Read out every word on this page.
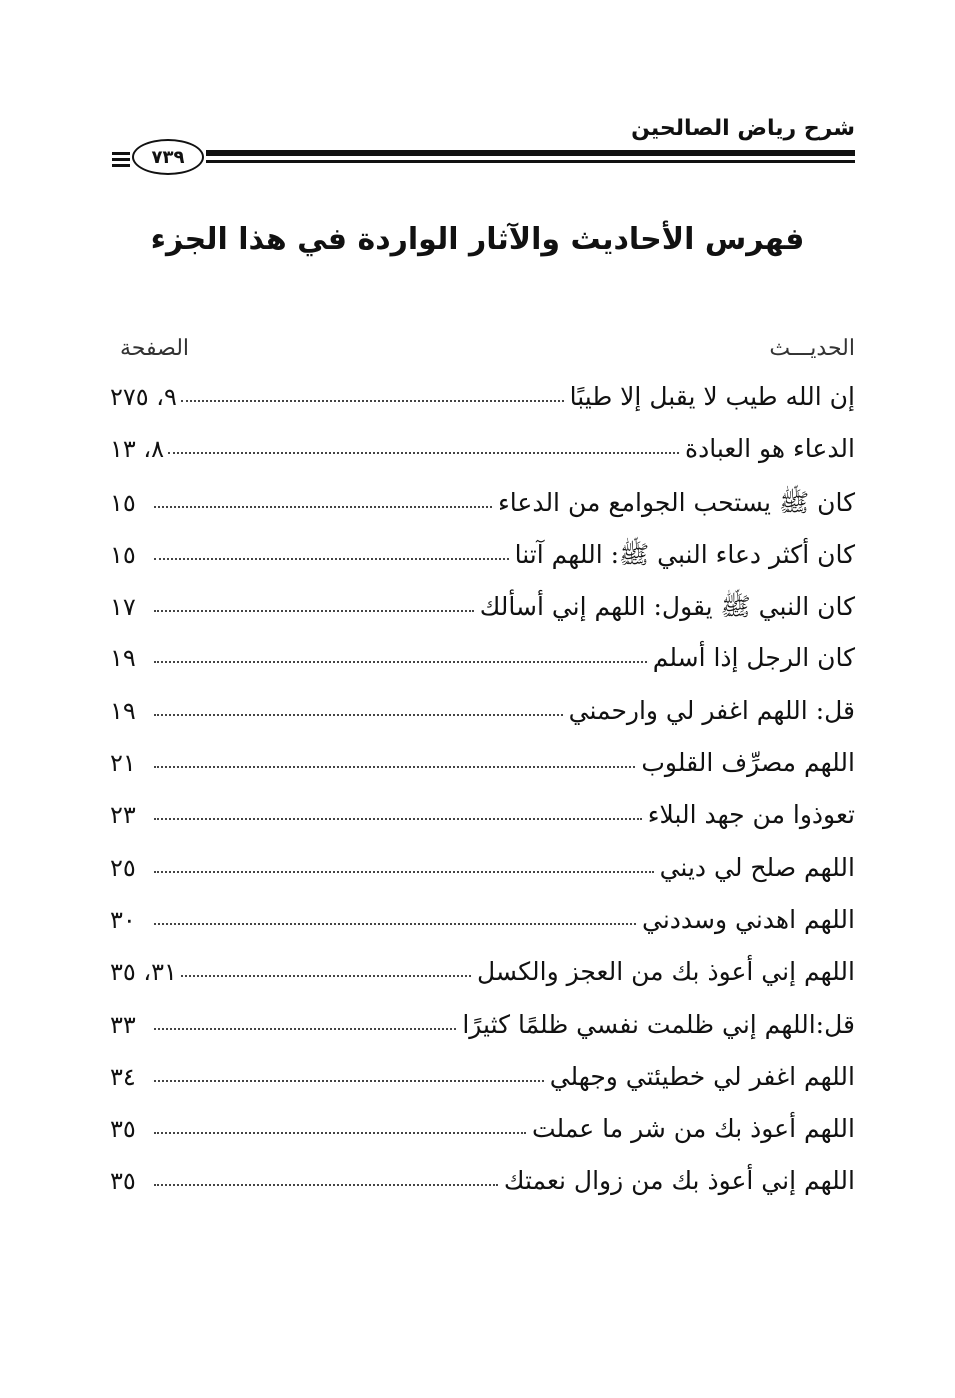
شرح رياض الصالحين
٧٣٩
فهرس الأحاديث والآثار الواردة في هذا الجزء
الحديـــث
الصفحة
إن الله طيب لا يقبل إلا طيبًا
٩، ٢٧٥
الدعاء هو العبادة
٨، ١٣
كان ﷺ يستحب الجوامع من الدعاء
١٥
كان أكثر دعاء النبي ﷺ: اللهم آتنا
١٥
كان النبي ﷺ يقول: اللهم إني أسألك
١٧
كان الرجل إذا أسلم
١٩
قل: اللهم اغفر لي وارحمني
١٩
اللهم مصرِّف القلوب
٢١
تعوذوا من جهد البلاء
٢٣
اللهم صلح لي ديني
٢٥
اللهم اهدني وسددني
٣٠
اللهم إني أعوذ بك من العجز والكسل
٣١، ٣٥
قل:اللهم إني ظلمت نفسي ظلمًا كثيرًا
٣٣
اللهم اغفر لي خطيئتي وجهلي
٣٤
اللهم أعوذ بك من شر ما عملت
٣٥
اللهم إني أعوذ بك من زوال نعمتك
٣٥
